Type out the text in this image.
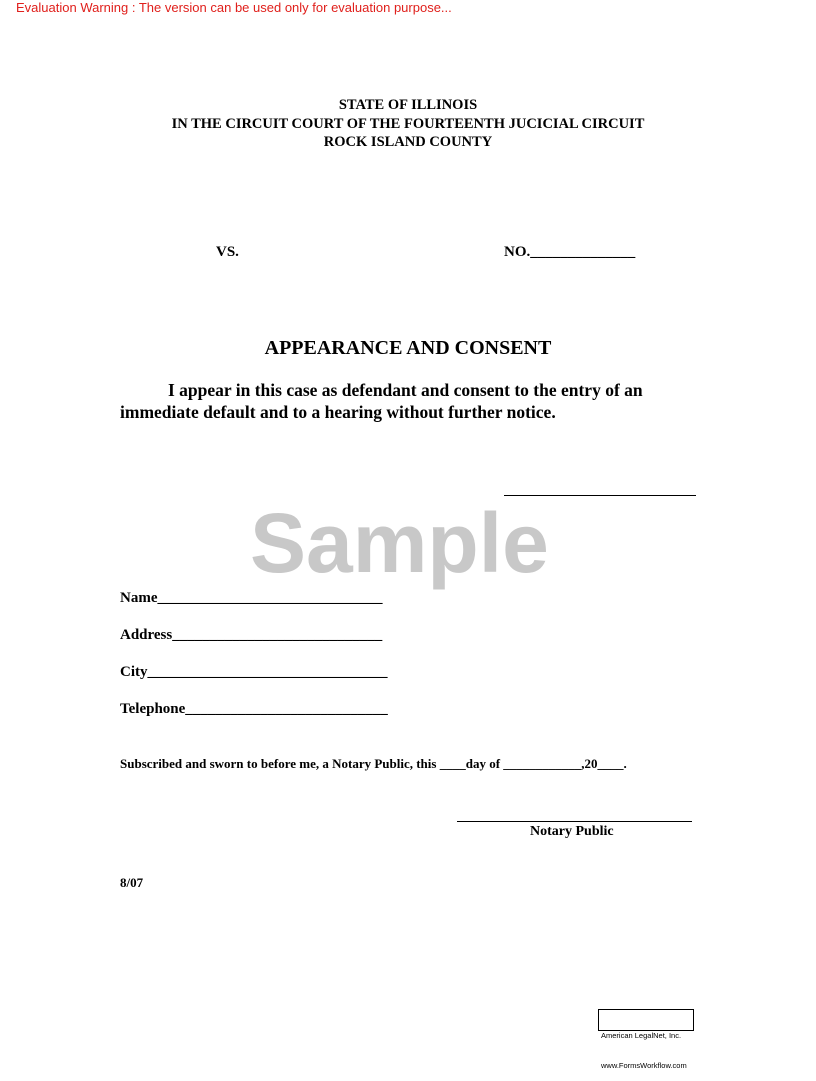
Evaluation Warning : The version can be used only for evaluation purpose...
STATE OF ILLINOIS
IN THE CIRCUIT COURT OF THE FOURTEENTH JUCICIAL CIRCUIT
ROCK ISLAND COUNTY
VS.	NO.______________
APPEARANCE AND CONSENT
I appear in this case as defendant and consent to the entry of an
immediate default and to a hearing without further notice.
Sample
Name______________________________
Address____________________________
City________________________________
Telephone___________________________
Subscribed and sworn to before me, a Notary Public, this ____day of ____________,20____.
Notary Public
8/07

American LegalNet, Inc.

www.FormsWorkflow.com
